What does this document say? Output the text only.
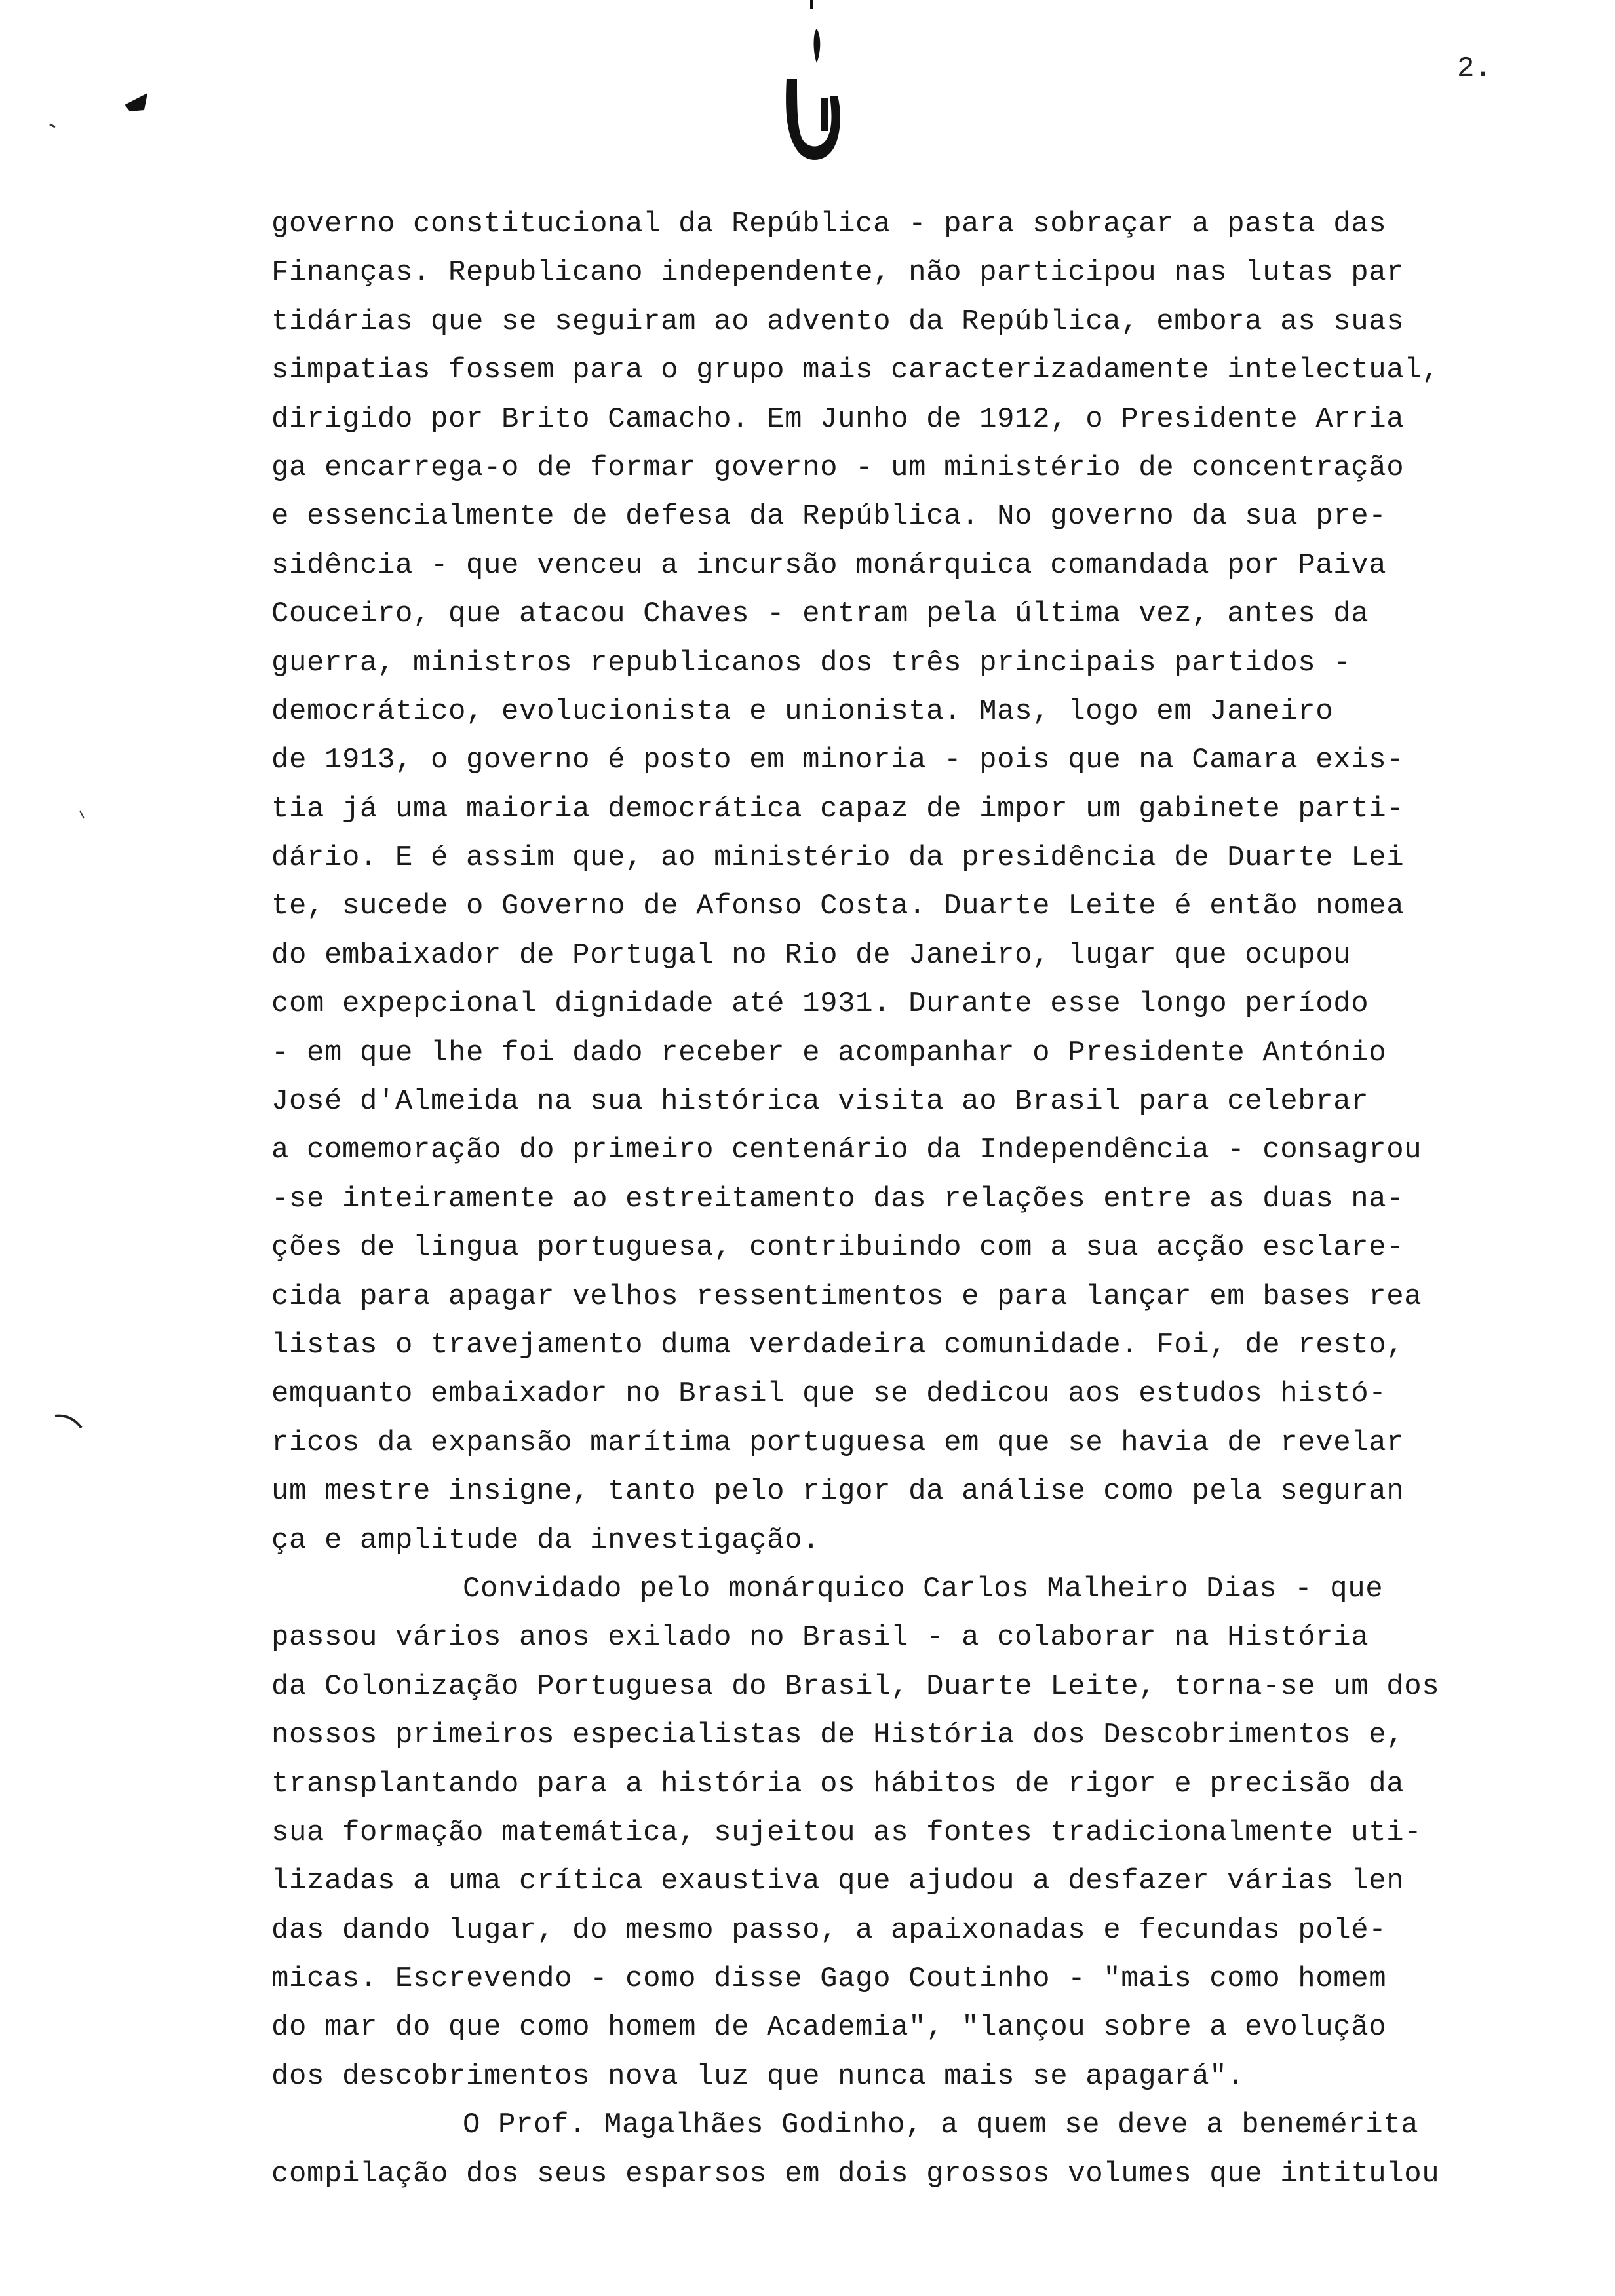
2.
governo constitucional da República - para sobraçar a pasta das
Finanças. Republicano independente, não participou nas lutas par
tidárias que se seguiram ao advento da República, embora as suas
simpatias fossem para o grupo mais caracterizadamente intelectual,
dirigido por Brito Camacho. Em Junho de 1912, o Presidente Arria
ga encarrega-o de formar governo - um ministério de concentração
e essencialmente de defesa da República. No governo da sua pre-
sidência - que venceu a incursão monárquica comandada por Paiva
Couceiro, que atacou Chaves - entram pela última vez, antes da
guerra, ministros republicanos dos três principais partidos -
democrático, evolucionista e unionista. Mas, logo em Janeiro
de 1913, o governo é posto em minoria - pois que na Camara exis-
tia já uma maioria democrática capaz de impor um gabinete parti-
dário. E é assim que, ao ministério da presidência de Duarte Lei
te, sucede o Governo de Afonso Costa. Duarte Leite é então nomea
do embaixador de Portugal no Rio de Janeiro, lugar que ocupou
com expepcional dignidade até 1931. Durante esse longo período
- em que lhe foi dado receber e acompanhar o Presidente António
José d'Almeida na sua histórica visita ao Brasil para celebrar
a comemoração do primeiro centenário da Independência - consagrou
-se inteiramente ao estreitamento das relações entre as duas na-
ções de lingua portuguesa, contribuindo com a sua acção esclare-
cida para apagar velhos ressentimentos e para lançar em bases rea
listas o travejamento duma verdadeira comunidade. Foi, de resto,
emquanto embaixador no Brasil que se dedicou aos estudos histó-
ricos da expansão marítima portuguesa em que se havia de revelar
um mestre insigne, tanto pelo rigor da análise como pela seguran
ça e amplitude da investigação.
Convidado pelo monárquico Carlos Malheiro Dias - que
passou vários anos exilado no Brasil - a colaborar na História
da Colonização Portuguesa do Brasil, Duarte Leite, torna-se um dos
nossos primeiros especialistas de História dos Descobrimentos e,
transplantando para a história os hábitos de rigor e precisão da
sua formação matemática, sujeitou as fontes tradicionalmente uti-
lizadas a uma crítica exaustiva que ajudou a desfazer várias len
das dando lugar, do mesmo passo, a apaixonadas e fecundas polé-
micas. Escrevendo - como disse Gago Coutinho - "mais como homem
do mar do que como homem de Academia", "lançou sobre a evolução
dos descobrimentos nova luz que nunca mais se apagará".
O Prof. Magalhães Godinho, a quem se deve a benemérita
compilação dos seus esparsos em dois grossos volumes que intitulou
